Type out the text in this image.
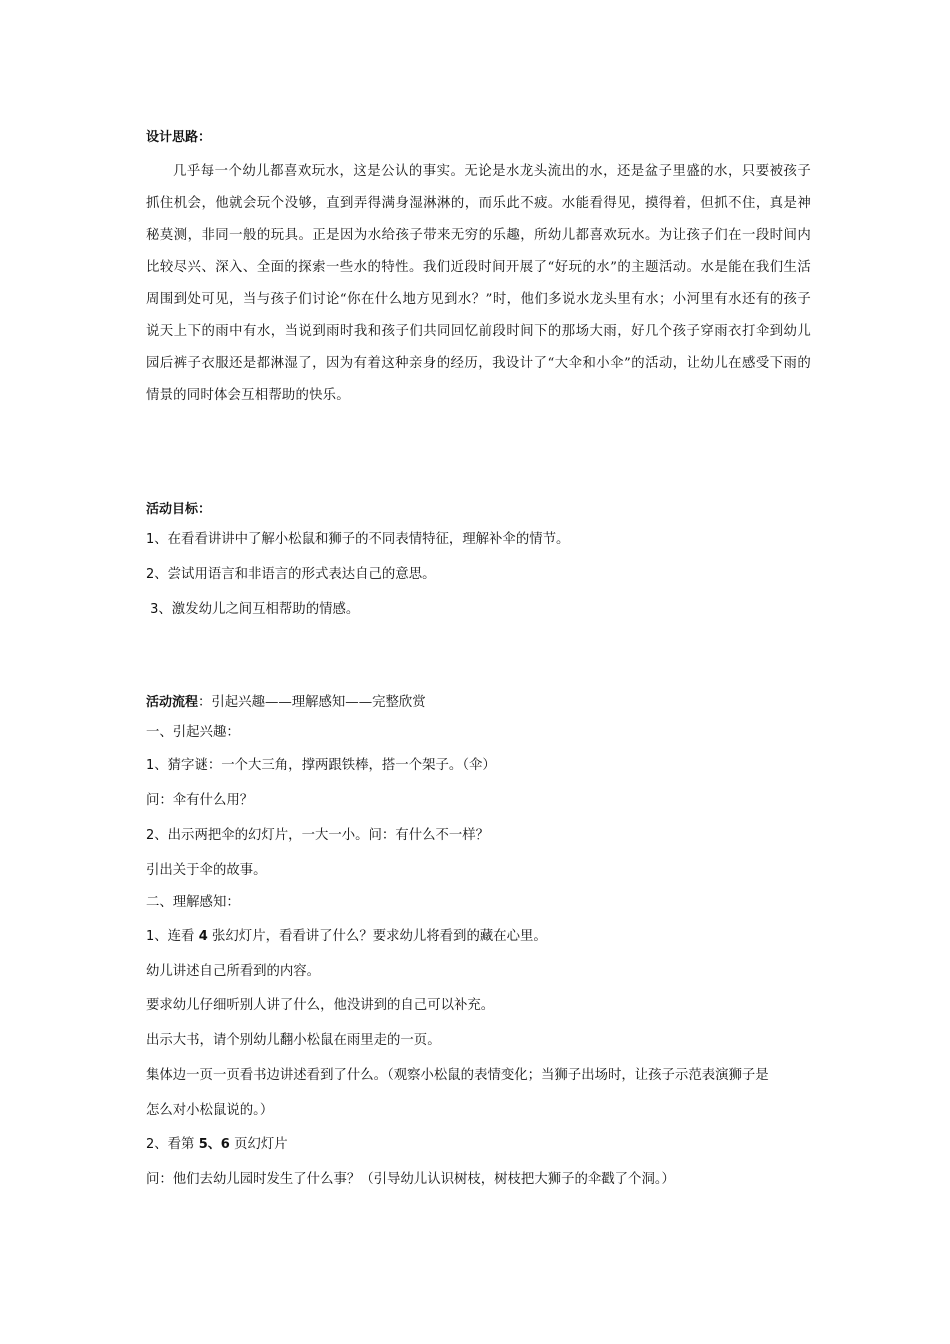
设计思路：
几乎每一个幼儿都喜欢玩水，这是公认的事实。无论是水龙头流出的水，还是盆子里盛的水，只要被孩子抓住机会，他就会玩个没够，直到弄得满身湿淋淋的，而乐此不疲。水能看得见，摸得着，但抓不住，真是神秘莫测，非同一般的玩具。正是因为水给孩子带来无穷的乐趣，所幼儿都喜欢玩水。为让孩子们在一段时间内比较尽兴、深入、全面的探索一些水的特性。我们近段时间开展了“好玩的水”的主题活动。水是能在我们生活周围到处可见，当与孩子们讨论“你在什么地方见到水？”时，他们多说水龙头里有水；小河里有水还有的孩子说天上下的雨中有水，当说到雨时我和孩子们共同回忆前段时间下的那场大雨，好几个孩子穿雨衣打伞到幼儿园后裤子衣服还是都淋湿了，因为有着这种亲身的经历，我设计了“大伞和小伞”的活动，让幼儿在感受下雨的情景的同时体会互相帮助的快乐。
活动目标：
1、在看看讲讲中了解小松鼠和狮子的不同表情特征，理解补伞的情节。
2、尝试用语言和非语言的形式表达自己的意思。
3、激发幼儿之间互相帮助的情感。
活动流程：引起兴趣——理解感知——完整欣赏
一、引起兴趣：
1、猜字谜：一个大三角，撑两跟铁棒，搭一个架子。（伞）
问：伞有什么用？
2、出示两把伞的幻灯片，一大一小。问：有什么不一样？
引出关于伞的故事。
二、理解感知：
1、连看 4 张幻灯片，看看讲了什么？要求幼儿将看到的藏在心里。
幼儿讲述自己所看到的内容。
要求幼儿仔细听别人讲了什么，他没讲到的自己可以补充。
出示大书，请个别幼儿翻小松鼠在雨里走的一页。
集体边一页一页看书边讲述看到了什么。（观察小松鼠的表情变化；当狮子出场时，让孩子示范表演狮子是
怎么对小松鼠说的。）
2、看第 5、6 页幻灯片
问：他们去幼儿园时发生了什么事？（引导幼儿认识树枝，树枝把大狮子的伞戳了个洞。）
